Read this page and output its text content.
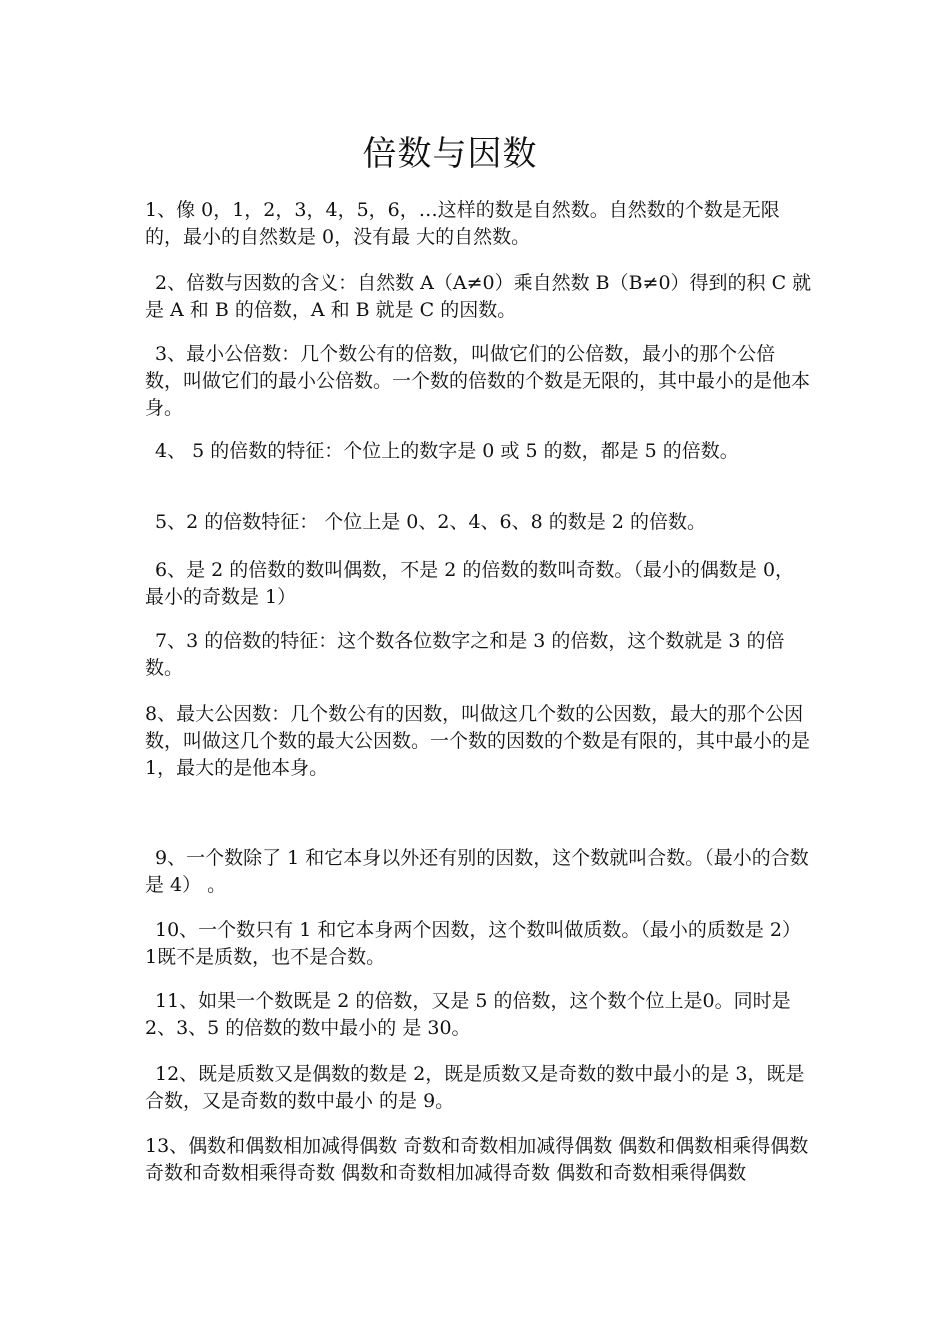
倍数与因数
1、像 0，1，2，3，4，5，6，…这样的数是自然数。自然数的个数是无限的，最小的自然数是 0，没有最 大的自然数。
2、倍数与因数的含义：自然数 A（A≠0）乘自然数 B（B≠0）得到的积 C 就是 A 和 B 的倍数，A 和 B 就是 C 的因数。
3、最小公倍数：几个数公有的倍数，叫做它们的公倍数，最小的那个公倍数，叫做它们的最小公倍数。一个数的倍数的个数是无限的，其中最小的是他本身。
4、 5 的倍数的特征：个位上的数字是 0 或 5 的数，都是 5 的倍数。
5、2 的倍数特征： 个位上是 0、2、4、6、8 的数是 2 的倍数。
6、是 2 的倍数的数叫偶数，不是 2 的倍数的数叫奇数。（最小的偶数是 0，最小的奇数是 1）
7、3 的倍数的特征：这个数各位数字之和是 3 的倍数，这个数就是 3 的倍数。
8、最大公因数：几个数公有的因数，叫做这几个数的公因数，最大的那个公因数，叫做这几个数的最大公因数。一个数的因数的个数是有限的，其中最小的是 1，最大的是他本身。
9、一个数除了 1 和它本身以外还有别的因数，这个数就叫合数。（最小的合数是 4） 。
10、一个数只有 1 和它本身两个因数，这个数叫做质数。（最小的质数是 2） 1既不是质数，也不是合数。
11、如果一个数既是 2 的倍数，又是 5 的倍数，这个数个位上是0。同时是 2、3、5 的倍数的数中最小的 是 30。
12、既是质数又是偶数的数是 2，既是质数又是奇数的数中最小的是 3，既是合数，又是奇数的数中最小 的是 9。
13、偶数和偶数相加减得偶数 奇数和奇数相加减得偶数 偶数和偶数相乘得偶数 奇数和奇数相乘得奇数 偶数和奇数相加减得奇数 偶数和奇数相乘得偶数
